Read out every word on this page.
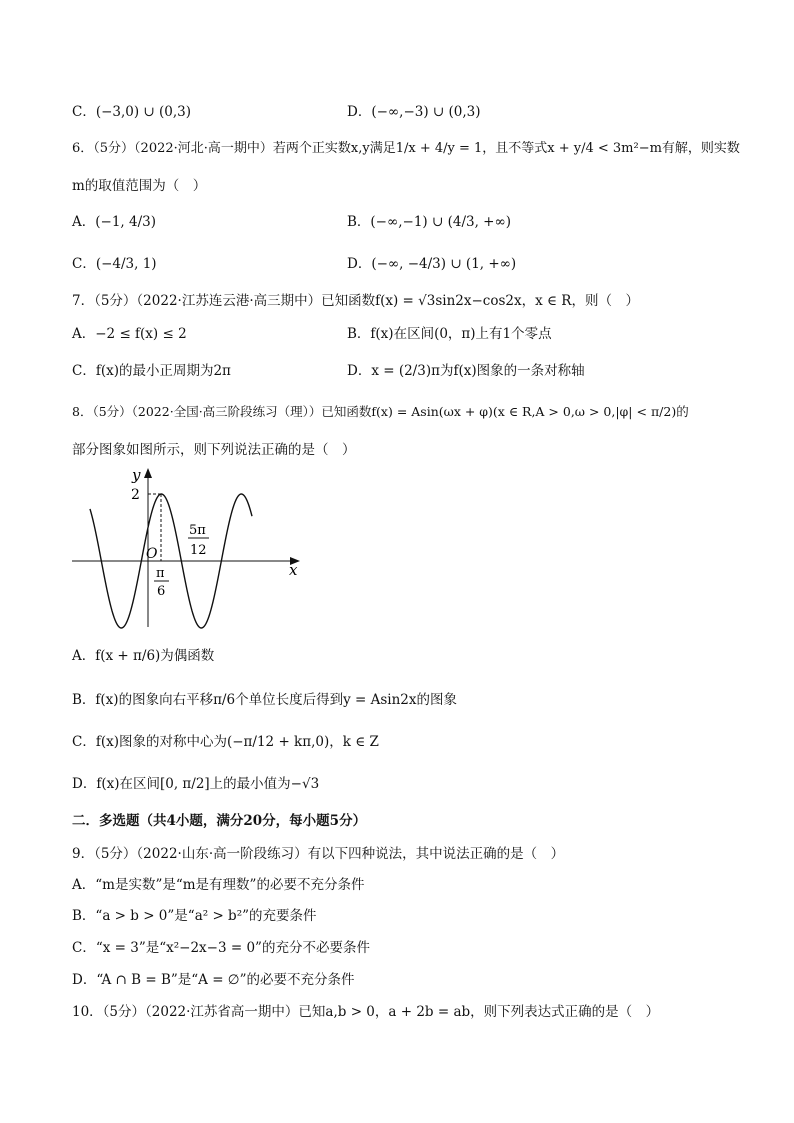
C．(−3,0) ∪ (0,3)	D．(−∞,−3) ∪ (0,3)
6．（5分）（2022·河北·高一期中）若两个正实数x,y满足1/x + 4/y = 1，且不等式x + y/4 < 3m²−m有解，则实数
m的取值范围为（　）
A．(−1, 4/3)	B．(−∞,−1) ∪ (4/3, +∞)
C．(−4/3, 1)	D．(−∞, −4/3) ∪ (1, +∞)
7．（5分）（2022·江苏连云港·高三期中）已知函数f(x) = √3sin2x−cos2x，x ∈ R，则（　）
A．−2 ≤ f(x) ≤ 2	B．f(x)在区间(0，π)上有1个零点
C．f(x)的最小正周期为2π	D．x = (2/3)π为f(x)图象的一条对称轴
8．（5分）（2022·全国·高三阶段练习（理））已知函数f(x) = Asin(ωx + φ)(x ∈ R,A > 0,ω > 0,|φ| < π/2)的
部分图象如图所示，则下列说法正确的是（　）
y
x
O
2
π
6
5π
12
A．f(x + π/6)为偶函数
B．f(x)的图象向右平移π/6个单位长度后得到y = Asin2x的图象
C．f(x)图象的对称中心为(−π/12 + kπ,0)，k ∈ Z
D．f(x)在区间[0, π/2]上的最小值为−√3
二．多选题（共4小题，满分20分，每小题5分）
9．（5分）（2022·山东·高一阶段练习）有以下四种说法，其中说法正确的是（　）
A．“m是实数”是“m是有理数”的必要不充分条件
B．“a > b > 0”是“a² > b²”的充要条件
C．“x = 3”是“x²−2x−3 = 0”的充分不必要条件
D．“A ∩ B = B”是“A = ∅”的必要不充分条件
10．（5分）（2022·江苏省高一期中）已知a,b > 0，a + 2b = ab，则下列表达式正确的是（　）
